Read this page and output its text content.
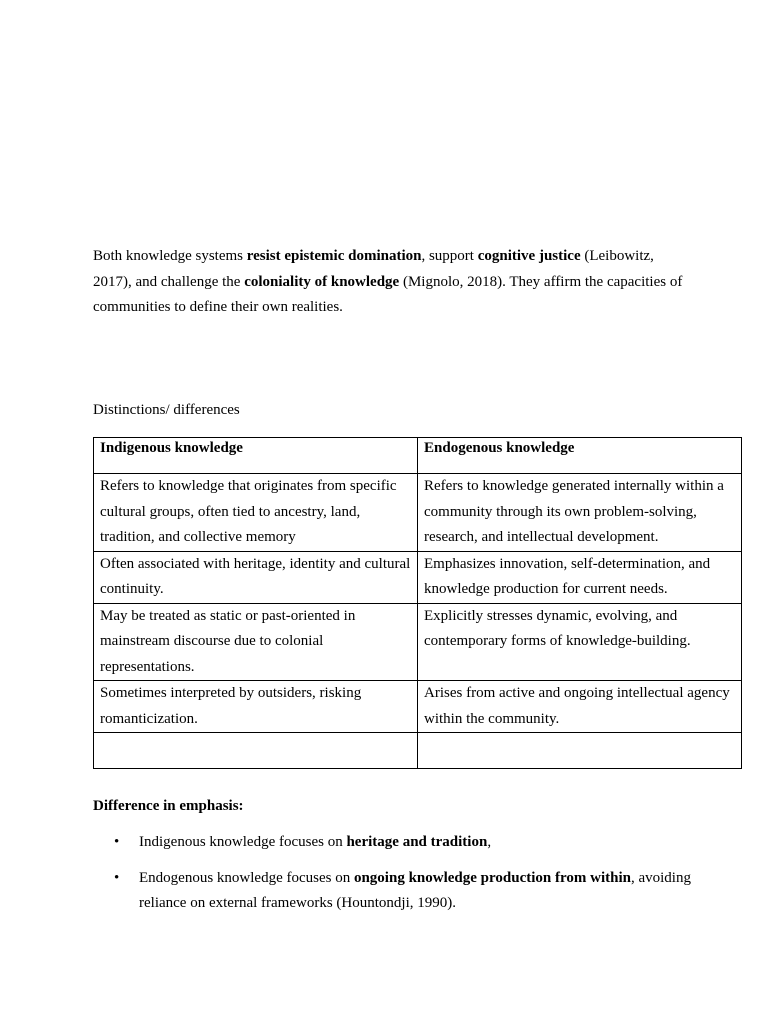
Both knowledge systems resist epistemic domination, support cognitive justice (Leibowitz, 2017), and challenge the coloniality of knowledge (Mignolo, 2018). They affirm the capacities of communities to define their own realities.

Distinctions/ differences

Indigenous knowledge	Endogenous knowledge

Refers to knowledge that originates from specific cultural groups, often tied to ancestry, land, tradition, and collective memory	Refers to knowledge generated internally within a community through its own problem-solving, research, and intellectual development.
Often associated with heritage, identity and cultural continuity.	Emphasizes innovation, self-determination, and knowledge production for current needs.
May be treated as static or past-oriented in mainstream discourse due to colonial representations.	Explicitly stresses dynamic, evolving, and contemporary forms of knowledge-building.
Sometimes interpreted by outsiders, risking romanticization.	Arises from active and ongoing intellectual agency within the community.

Difference in emphasis:

• Indigenous knowledge focuses on heritage and tradition,
• Endogenous knowledge focuses on ongoing knowledge production from within, avoiding reliance on external frameworks (Hountondji, 1990).
